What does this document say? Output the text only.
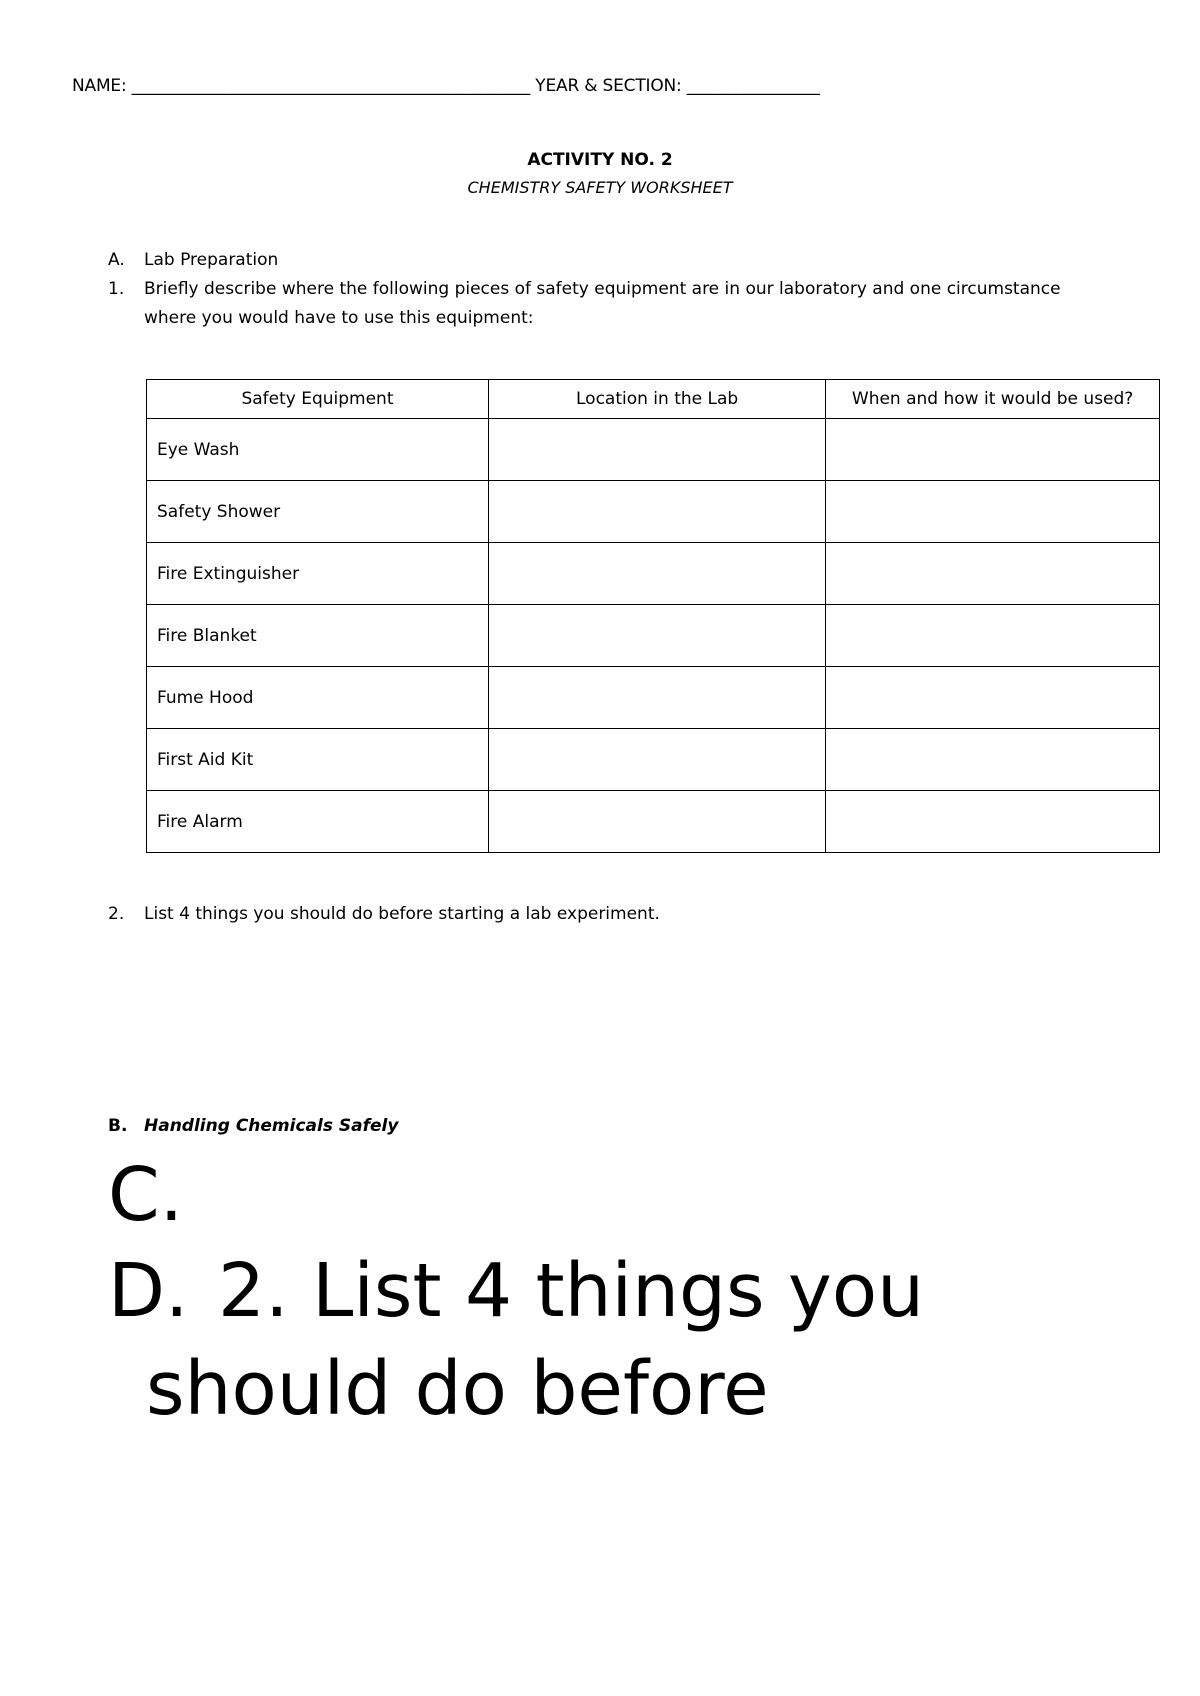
NAME: ________________________________________________ YEAR & SECTION: ________________
ACTIVITY NO. 2
CHEMISTRY SAFETY WORKSHEET
A. Lab Preparation
1. Briefly describe where the following pieces of safety equipment are in our laboratory and one circumstance
where you would have to use this equipment:
Safety Equipment	Location in the Lab	When and how it would be used?
Eye Wash		
Safety Shower		
Fire Extinguisher		
Fire Blanket		
Fume Hood		
First Aid Kit		
Fire Alarm		
2. List 4 things you should do before starting a lab experiment.
B. Handling Chemicals Safely
C.
D. 2. List 4 things you
should do before
